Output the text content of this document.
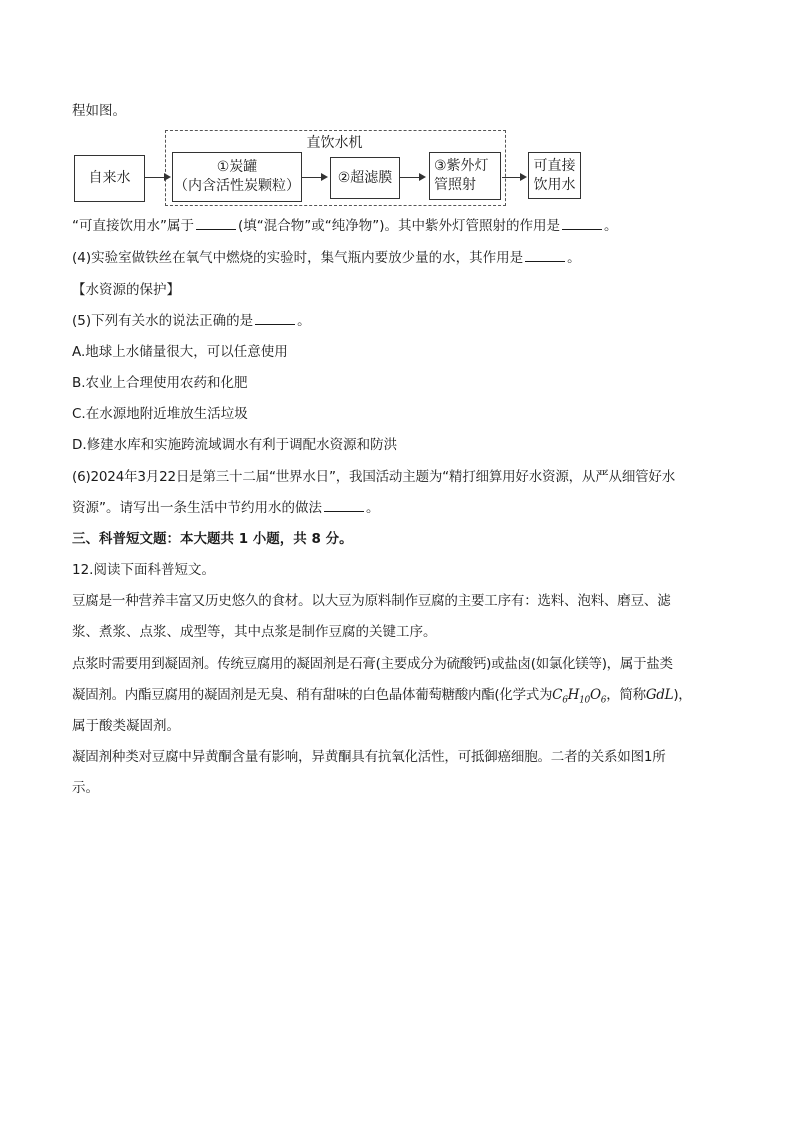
程如图。
直饮水机
自来水
①炭罐
（内含活性炭颗粒）
②超滤膜
③紫外灯
管照射
可直接
饮用水
“可直接饮用水”属于	(填“混合物”或“纯净物”)。其中紫外灯管照射的作用是	。
(4)实验室做铁丝在氧气中燃烧的实验时，集气瓶内要放少量的水，其作用是	。
【水资源的保护】
(5)下列有关水的说法正确的是	。
A.地球上水储量很大，可以任意使用
B.农业上合理使用农药和化肥
C.在水源地附近堆放生活垃圾
D.修建水库和实施跨流域调水有利于调配水资源和防洪
(6)2024年3月22日是第三十二届“世界水日”，我国活动主题为“精打细算用好水资源，从严从细管好水
资源”。请写出一条生活中节约用水的做法	。
三、科普短文题：本大题共 1 小题，共 8 分。
12.阅读下面科普短文。
豆腐是一种营养丰富又历史悠久的食材。以大豆为原料制作豆腐的主要工序有：选料、泡料、磨豆、滤
浆、煮浆、点浆、成型等，其中点浆是制作豆腐的关键工序。
点浆时需要用到凝固剂。传统豆腐用的凝固剂是石膏(主要成分为硫酸钙)或盐卤(如氯化镁等)，属于盐类
凝固剂。内酯豆腐用的凝固剂是无臭、稍有甜味的白色晶体葡萄糖酸内酯(化学式为$C_6H_{10}O_6$，简称GdL)，
属于酸类凝固剂。
凝固剂种类对豆腐中异黄酮含量有影响，异黄酮具有抗氧化活性，可抵御癌细胞。二者的关系如图1所
示。
